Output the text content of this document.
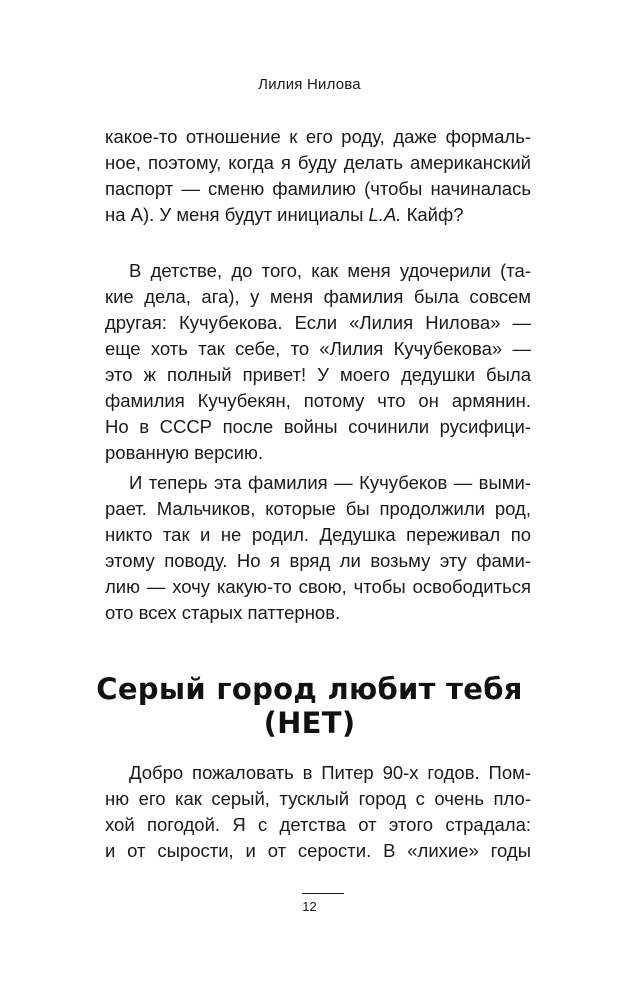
Лилия Нилова
какое-то отношение к его роду, даже формаль-
ное, поэтому, когда я буду делать американский
паспорт — сменю фамилию (чтобы начиналась
на А). У меня будут инициалы L.A. Кайф?
В детстве, до того, как меня удочерили (та-
кие дела, ага), у меня фамилия была совсем
другая: Кучубекова. Если «Лилия Нилова» —
еще хоть так себе, то «Лилия Кучубекова» —
это ж полный привет! У моего дедушки была
фамилия Кучубекян, потому что он армянин.
Но в СССР после войны сочинили русифици-
рованную версию.
И теперь эта фамилия — Кучубеков — выми-
рает. Мальчиков, которые бы продолжили род,
никто так и не родил. Дедушка переживал по
этому поводу. Но я вряд ли возьму эту фами-
лию — хочу какую-то свою, чтобы освободиться
ото всех старых паттернов.
Серый город любит тебя
(НЕТ)
Добро пожаловать в Питер 90-х годов. Пом-
ню его как серый, тусклый город с очень пло-
хой погодой. Я с детства от этого страдала:
и от сырости, и от серости. В «лихие» годы
12
